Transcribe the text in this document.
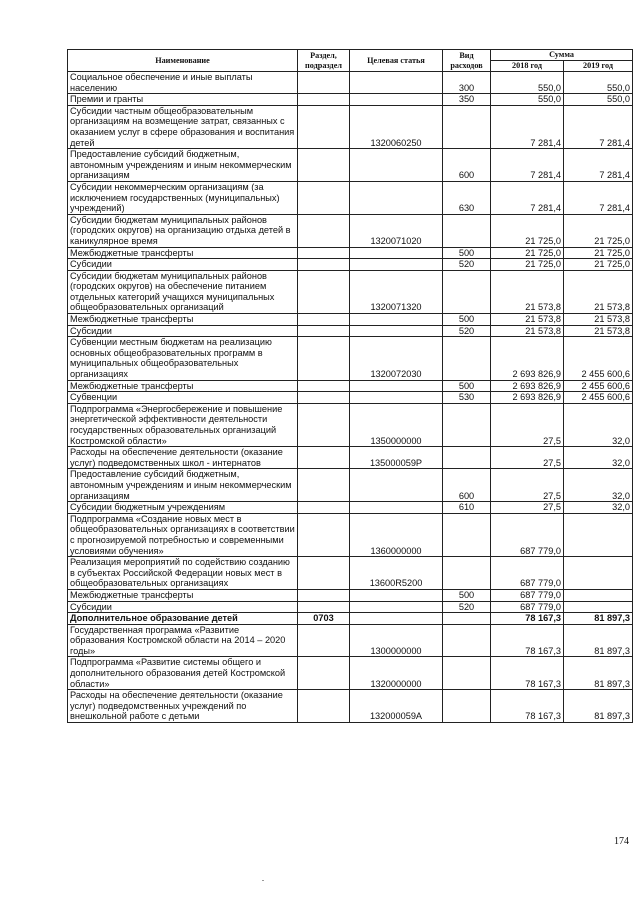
Наименование	Раздел, подраздел	Целевая статья	Вид расходов	Сумма	
				2018 год	2019 год
Социальное обеспечение и иные выплаты населению			300	550,0	550,0
Премии и гранты			350	550,0	550,0
Субсидии частным общеобразовательным организациям на возмещение затрат, связанных с оказанием услуг в сфере образования и воспитания детей		1320060250		7 281,4	7 281,4
Предоставление субсидий бюджетным, автономным учреждениям и иным некоммерческим организациям			600	7 281,4	7 281,4
Субсидии некоммерческим организациям (за исключением государственных (муниципальных) учреждений)			630	7 281,4	7 281,4
Субсидии бюджетам муниципальных районов (городских округов) на организацию отдыха детей в каникулярное время		1320071020		21 725,0	21 725,0
Межбюджетные трансферты			500	21 725,0	21 725,0
Субсидии			520	21 725,0	21 725,0
Субсидии бюджетам муниципальных районов (городских округов) на обеспечение питанием отдельных категорий учащихся муниципальных общеобразовательных организаций		1320071320		21 573,8	21 573,8
Межбюджетные трансферты			500	21 573,8	21 573,8
Субсидии			520	21 573,8	21 573,8
Субвенции местным бюджетам на реализацию основных общеобразовательных программ в муниципальных общеобразовательных организациях		1320072030		2 693 826,9	2 455 600,6
Межбюджетные трансферты			500	2 693 826,9	2 455 600,6
Субвенции			530	2 693 826,9	2 455 600,6
Подпрограмма «Энергосбережение и повышение энергетической эффективности деятельности государственных образовательных организаций Костромской области»		1350000000		27,5	32,0
Расходы на обеспечение деятельности (оказание услуг) подведомственных школ - интернатов		135000059Р		27,5	32,0
Предоставление субсидий бюджетным, автономным учреждениям и иным некоммерческим организациям			600	27,5	32,0
Субсидии бюджетным учреждениям			610	27,5	32,0
Подпрограмма «Создание новых мест в общеобразовательных организациях в соответствии с прогнозируемой потребностью и современными условиями обучения»		1360000000		687 779,0	
Реализация мероприятий по содействию созданию в субъектах Российской Федерации новых мест в общеобразовательных организациях		13600R5200		687 779,0	
Межбюджетные трансферты			500	687 779,0	
Субсидии			520	687 779,0	
Дополнительное образование детей	0703			78 167,3	81 897,3
Государственная программа «Развитие образования Костромской области на 2014 – 2020 годы»		1300000000		78 167,3	81 897,3
Подпрограмма «Развитие системы общего и дополнительного образования детей Костромской области»		1320000000		78 167,3	81 897,3
Расходы на обеспечение деятельности (оказание услуг) подведомственных учреждений по внешкольной работе с детьми		132000059А		78 167,3	81 897,3
174
